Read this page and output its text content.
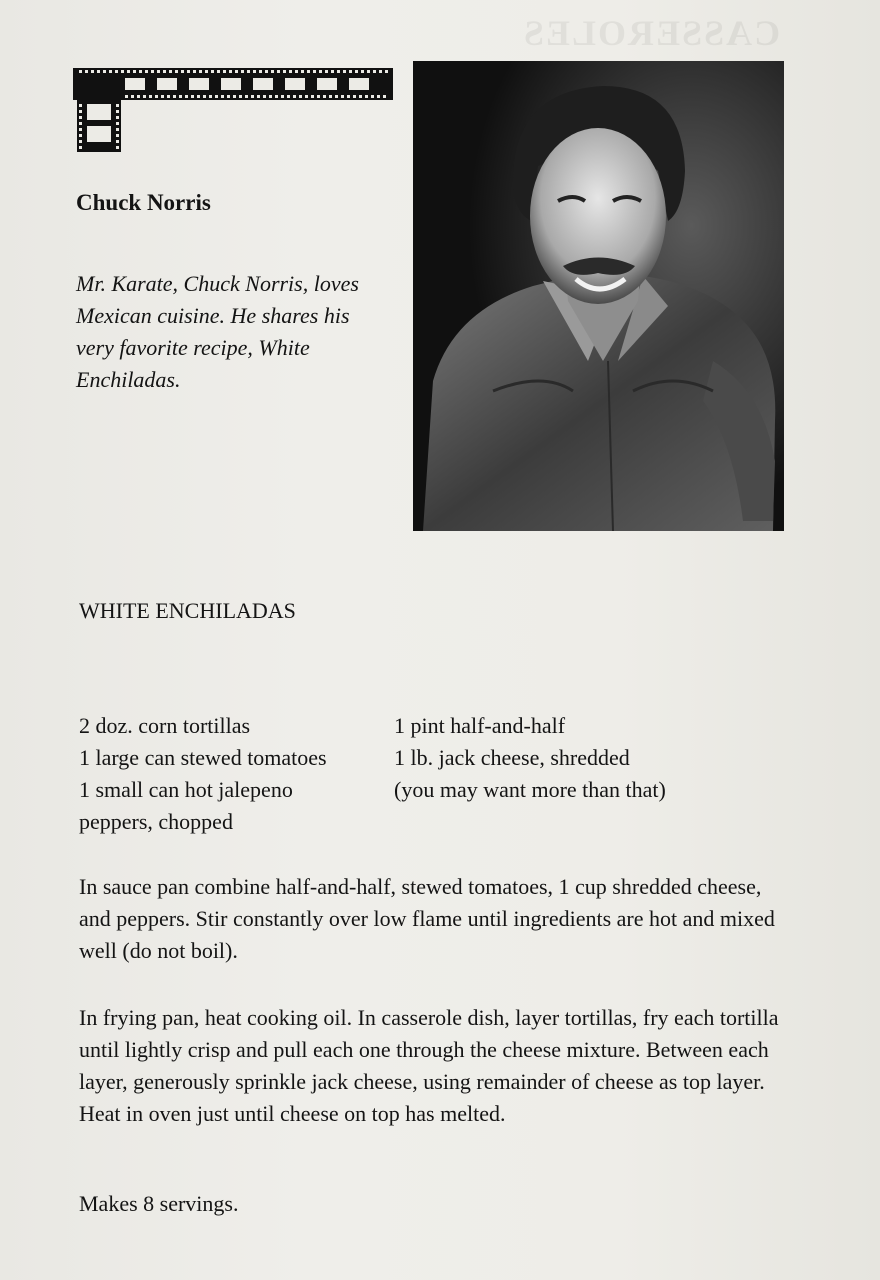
CASSEROLES
Chuck Norris
Mr. Karate, Chuck Norris, loves Mexican cuisine. He shares his very favorite recipe, White Enchiladas.
WHITE ENCHILADAS
2 doz. corn tortillas
1 large can stewed tomatoes
1 small can hot jalepeno
peppers, chopped
1 pint half-and-half
1 lb. jack cheese, shredded
(you may want more than that)
In sauce pan combine half-and-half, stewed tomatoes, 1 cup shredded cheese, and peppers. Stir constantly over low flame until ingredients are hot and mixed well (do not boil).
In frying pan, heat cooking oil. In casserole dish, layer tortillas, fry each tortilla until lightly crisp and pull each one through the cheese mixture. Between each layer, generously sprinkle jack cheese, using remainder of cheese as top layer. Heat in oven just until cheese on top has melted.
Makes 8 servings.
